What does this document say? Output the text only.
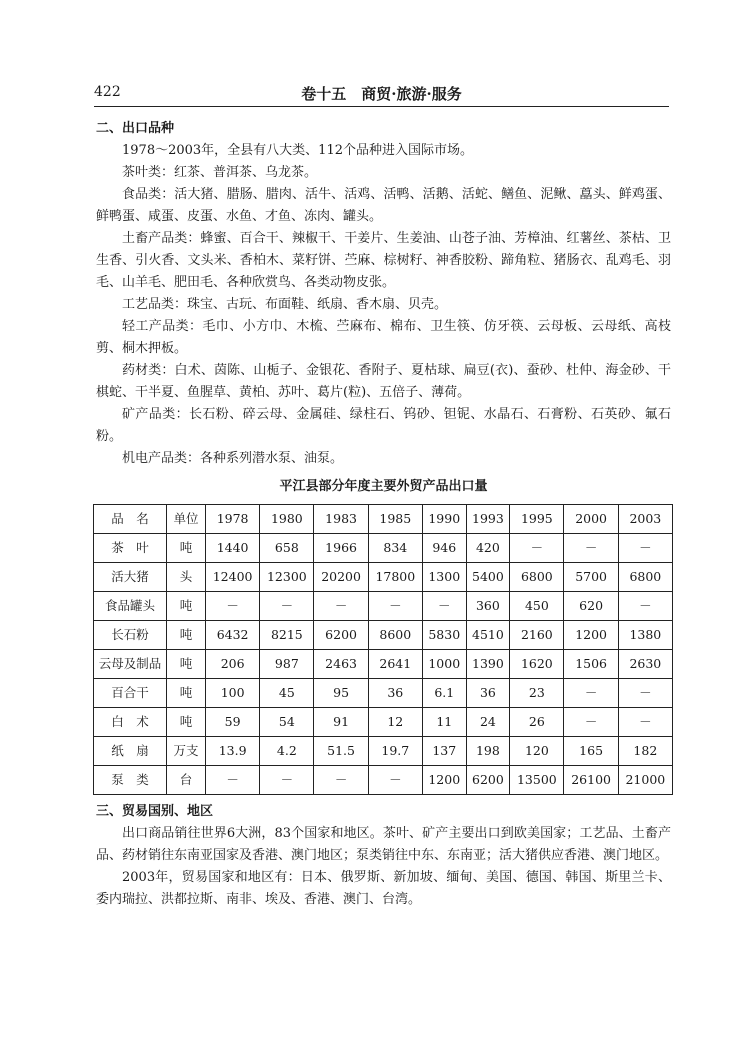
422	卷十五　商贸·旅游·服务
二、出口品种

1978～2003年，全县有八大类、112个品种进入国际市场。

茶叶类：红茶、普洱茶、乌龙茶。

食品类：活大猪、腊肠、腊肉、活牛、活鸡、活鸭、活鹅、活蛇、鳝鱼、泥鳅、藠头、鲜鸡蛋、鲜鸭蛋、咸蛋、皮蛋、水鱼、才鱼、冻肉、罐头。

土畜产品类：蜂蜜、百合干、辣椒干、干姜片、生姜油、山苍子油、芳樟油、红薯丝、茶枯、卫生香、引火香、文头米、香柏木、菜籽饼、苎麻、棕树籽、神香胶粉、蹄角粒、猪肠衣、乱鸡毛、羽毛、山羊毛、肥田毛、各种欣赏鸟、各类动物皮张。

工艺品类：珠宝、古玩、布面鞋、纸扇、香木扇、贝壳。

轻工产品类：毛巾、小方巾、木梳、苎麻布、棉布、卫生筷、仿牙筷、云母板、云母纸、高枝剪、桐木押板。

药材类：白术、茵陈、山栀子、金银花、香附子、夏枯球、扁豆(衣)、蚕砂、杜仲、海金砂、干棋蛇、干半夏、鱼腥草、黄柏、苏叶、葛片(粒)、五倍子、薄荷。

矿产品类：长石粉、碎云母、金属硅、绿柱石、钨砂、钽铌、水晶石、石膏粉、石英砂、氟石粉。

机电产品类：各种系列潜水泵、油泵。

平江县部分年度主要外贸产品出口量
品　名	单位	1978	1980	1983	1985	1990	1993	1995	2000	2003
茶　叶	吨	1440	658	1966	834	946	420	－	－	－
活大猪	头	12400	12300	20200	17800	1300	5400	6800	5700	6800
食品罐头	吨	－	－	－	－	－	360	450	620	－
长石粉	吨	6432	8215	6200	8600	5830	4510	2160	1200	1380
云母及制品	吨	206	987	2463	2641	1000	1390	1620	1506	2630
百合干	吨	100	45	95	36	6.1	36	23	－	－
白　术	吨	59	54	91	12	11	24	26	－	－
纸　扇	万支	13.9	4.2	51.5	19.7	137	198	120	165	182
泵　类	台	－	－	－	－	1200	6200	13500	26100	21000
三、贸易国别、地区

出口商品销往世界6大洲，83个国家和地区。茶叶、矿产主要出口到欧美国家；工艺品、土畜产品、药材销往东南亚国家及香港、澳门地区；泵类销往中东、东南亚；活大猪供应香港、澳门地区。

2003年，贸易国家和地区有：日本、俄罗斯、新加坡、缅甸、美国、德国、韩国、斯里兰卡、委内瑞拉、洪都拉斯、南非、埃及、香港、澳门、台湾。
